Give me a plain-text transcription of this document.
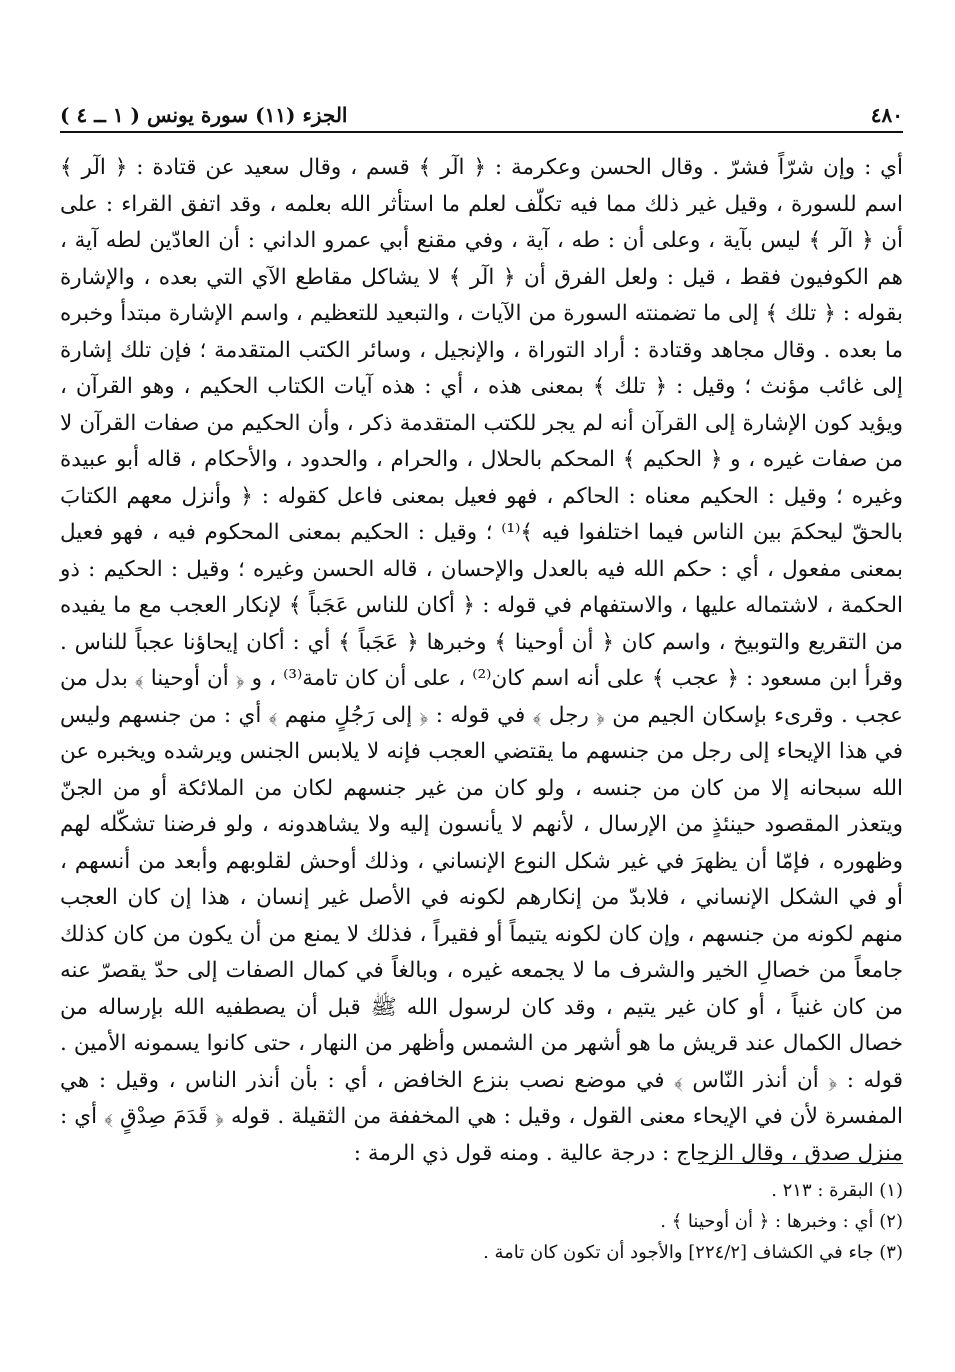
٤٨٠
الجزء (١١) سورة يونس ( ١ ــ ٤ )

أي : وإن شرّاً فشرّ . وقال الحسن وعكرمة : ﴿ الٓر ﴾ قسم ، وقال سعيد عن قتادة : ﴿ الٓر ﴾ اسم للسورة ، وقيل غير ذلك مما فيه تكلّف لعلم ما استأثر الله بعلمه ، وقد اتفق القراء : على أن ﴿ الٓر ﴾ ليس بآية ، وعلى أن : طه ، آية ، وفي مقنع أبي عمرو الداني : أن العادّين لطه آية ، هم الكوفيون فقط ، قيل : ولعل الفرق أن ﴿ الٓر ﴾ لا يشاكل مقاطع الآي التي بعده ، والإشارة بقوله : ﴿ تلك ﴾ إلى ما تضمنته السورة من الآيات ، والتبعيد للتعظيم ، واسم الإشارة مبتدأ وخبره ما بعده . وقال مجاهد وقتادة : أراد التوراة ، والإنجيل ، وسائر الكتب المتقدمة ؛ فإن تلك إشارة إلى غائب مؤنث ؛ وقيل : ﴿ تلك ﴾ بمعنى هذه ، أي : هذه آيات الكتاب الحكيم ، وهو القرآن ، ويؤيد كون الإشارة إلى القرآن أنه لم يجر للكتب المتقدمة ذكر ، وأن الحكيم من صفات القرآن لا من صفات غيره ، و ﴿ الحكيم ﴾ المحكم بالحلال ، والحرام ، والحدود ، والأحكام ، قاله أبو عبيدة وغيره ؛ وقيل : الحكيم معناه : الحاكم ، فهو فعيل بمعنى فاعل كقوله : ﴿ وأنزل معهم الكتابَ بالحقّ ليحكمَ بين الناس فيما اختلفوا فيه ﴾⁽¹⁾ ؛ وقيل : الحكيم بمعنى المحكوم فيه ، فهو فعيل بمعنى مفعول ، أي : حكم الله فيه بالعدل والإحسان ، قاله الحسن وغيره ؛ وقيل : الحكيم : ذو الحكمة ، لاشتماله عليها ، والاستفهام في قوله : ﴿ أكان للناس عَجَباً ﴾ لإنكار العجب مع ما يفيده من التقريع والتوبيخ ، واسم كان ﴿ أن أوحينا ﴾ وخبرها ﴿ عَجَباً ﴾ أي : أكان إيحاؤنا عجباً للناس . وقرأ ابن مسعود : ﴿ عجب ﴾ على أنه اسم كان⁽²⁾ ، على أن كان تامة⁽³⁾ ، و ﴿ أن أوحينا ﴾ بدل من عجب . وقرىء بإسكان الجيم من ﴿ رجل ﴾ في قوله : ﴿ إلى رَجُلٍ منهم ﴾ أي : من جنسهم وليس في هذا الإيحاء إلى رجل من جنسهم ما يقتضي العجب فإنه لا يلابس الجنس ويرشده ويخبره عن الله سبحانه إلا من كان من جنسه ، ولو كان من غير جنسهم لكان من الملائكة أو من الجنّ ويتعذر المقصود حينئذٍ من الإرسال ، لأنهم لا يأنسون إليه ولا يشاهدونه ، ولو فرضنا تشكّله لهم وظهوره ، فإمّا أن يظهرَ في غير شكل النوع الإنساني ، وذلك أوحش لقلوبهم وأبعد من أنسهم ، أو في الشكل الإنساني ، فلابدّ من إنكارهم لكونه في الأصل غير إنسان ، هذا إن كان العجب منهم لكونه من جنسهم ، وإن كان لكونه يتيماً أو فقيراً ، فذلك لا يمنع من أن يكون من كان كذلك جامعاً من خصالِ الخير والشرف ما لا يجمعه غيره ، وبالغاً في كمال الصفات إلى حدّ يقصرّ عنه من كان غنياً ، أو كان غير يتيم ، وقد كان لرسول الله ﷺ قبل أن يصطفيه الله بإرساله من خصال الكمال عند قريش ما هو أشهر من الشمس وأظهر من النهار ، حتى كانوا يسمونه الأمين . قوله : ﴿ أن أنذر النّاس ﴾ في موضع نصب بنزع الخافض ، أي : بأن أنذر الناس ، وقيل : هي المفسرة لأن في الإيحاء معنى القول ، وقيل : هي المخففة من الثقيلة . قوله ﴿ قَدَمَ صِدْقٍ ﴾ أي : منزل صدق ، وقال الزجاج : درجة عالية . ومنه قول ذي الرمة :

(١) البقرة : ٢١٣ .
(٢) أي : وخبرها : ﴿ أن أوحينا ﴾ .
(٣) جاء في الكشاف [٢٢٤/٢] والأجود أن تكون كان تامة .
